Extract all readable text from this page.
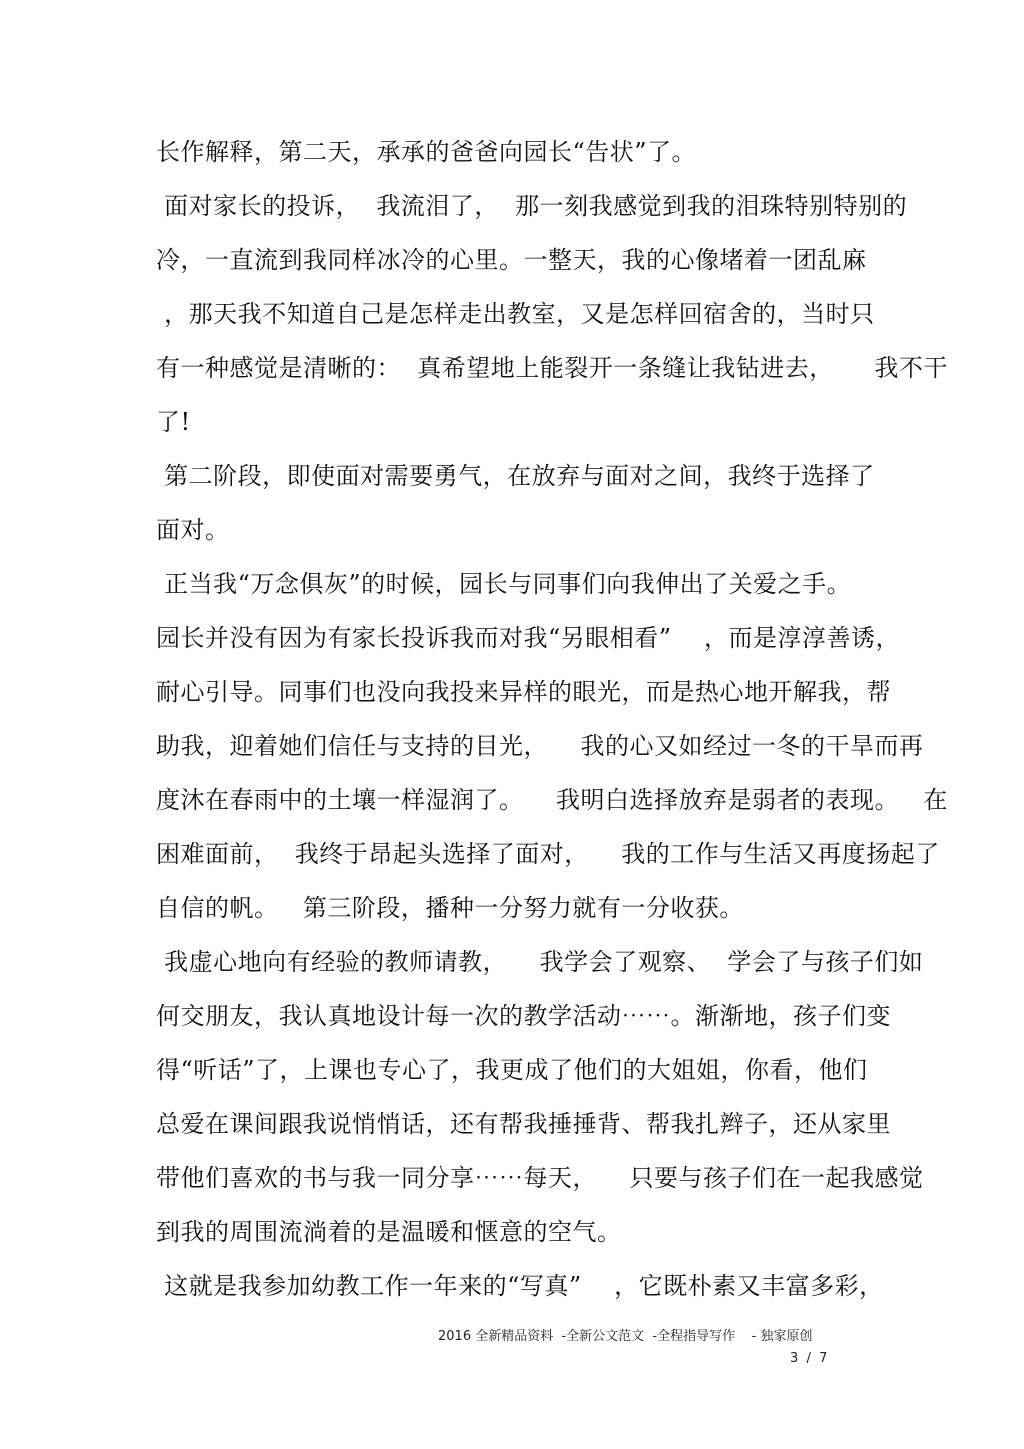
长作解释，第二天，承承的爸爸向园长“告状”了。
面对家长的投诉，  我流泪了，  那一刻我感觉到我的泪珠特别特别的
冷，一直流到我同样冰冷的心里。一整天，我的心像堵着一团乱麻
，那天我不知道自己是怎样走出教室，又是怎样回宿舍的，当时只
有一种感觉是清晰的：  真希望地上能裂开一条缝让我钻进去，     我不干
了!
第二阶段，即使面对需要勇气，在放弃与面对之间，我终于选择了
面对。
正当我“万念俱灰”的时候，园长与同事们向我伸出了关爱之手。
园长并没有因为有家长投诉我而对我“另眼相看”    ，而是淳淳善诱，
耐心引导。同事们也没向我投来异样的眼光，而是热心地开解我，帮
助我，迎着她们信任与支持的目光，    我的心又如经过一冬的干旱而再
度沐在春雨中的土壤一样湿润了。    我明白选择放弃是弱者的表现。   在
困难面前，  我终于昂起头选择了面对，    我的工作与生活又再度扬起了
自信的帆。   第三阶段，播种一分努力就有一分收获。
我虚心地向有经验的教师请教，    我学会了观察、  学会了与孩子们如
何交朋友，我认真地设计每一次的教学活动⋯⋯。渐渐地，孩子们变
得“听话”了，上课也专心了，我更成了他们的大姐姐，你看，他们
总爱在课间跟我说悄悄话，还有帮我捶捶背、帮我扎辫子，还从家里
带他们喜欢的书与我一同分享⋯⋯每天，    只要与孩子们在一起我感觉
到我的周围流淌着的是温暖和惬意的空气。
这就是我参加幼教工作一年来的“写真”    ，它既朴素又丰富多彩，
2016 全新精品资料  -全新公文范文  -全程指导写作    - 独家原创
3  /  7
